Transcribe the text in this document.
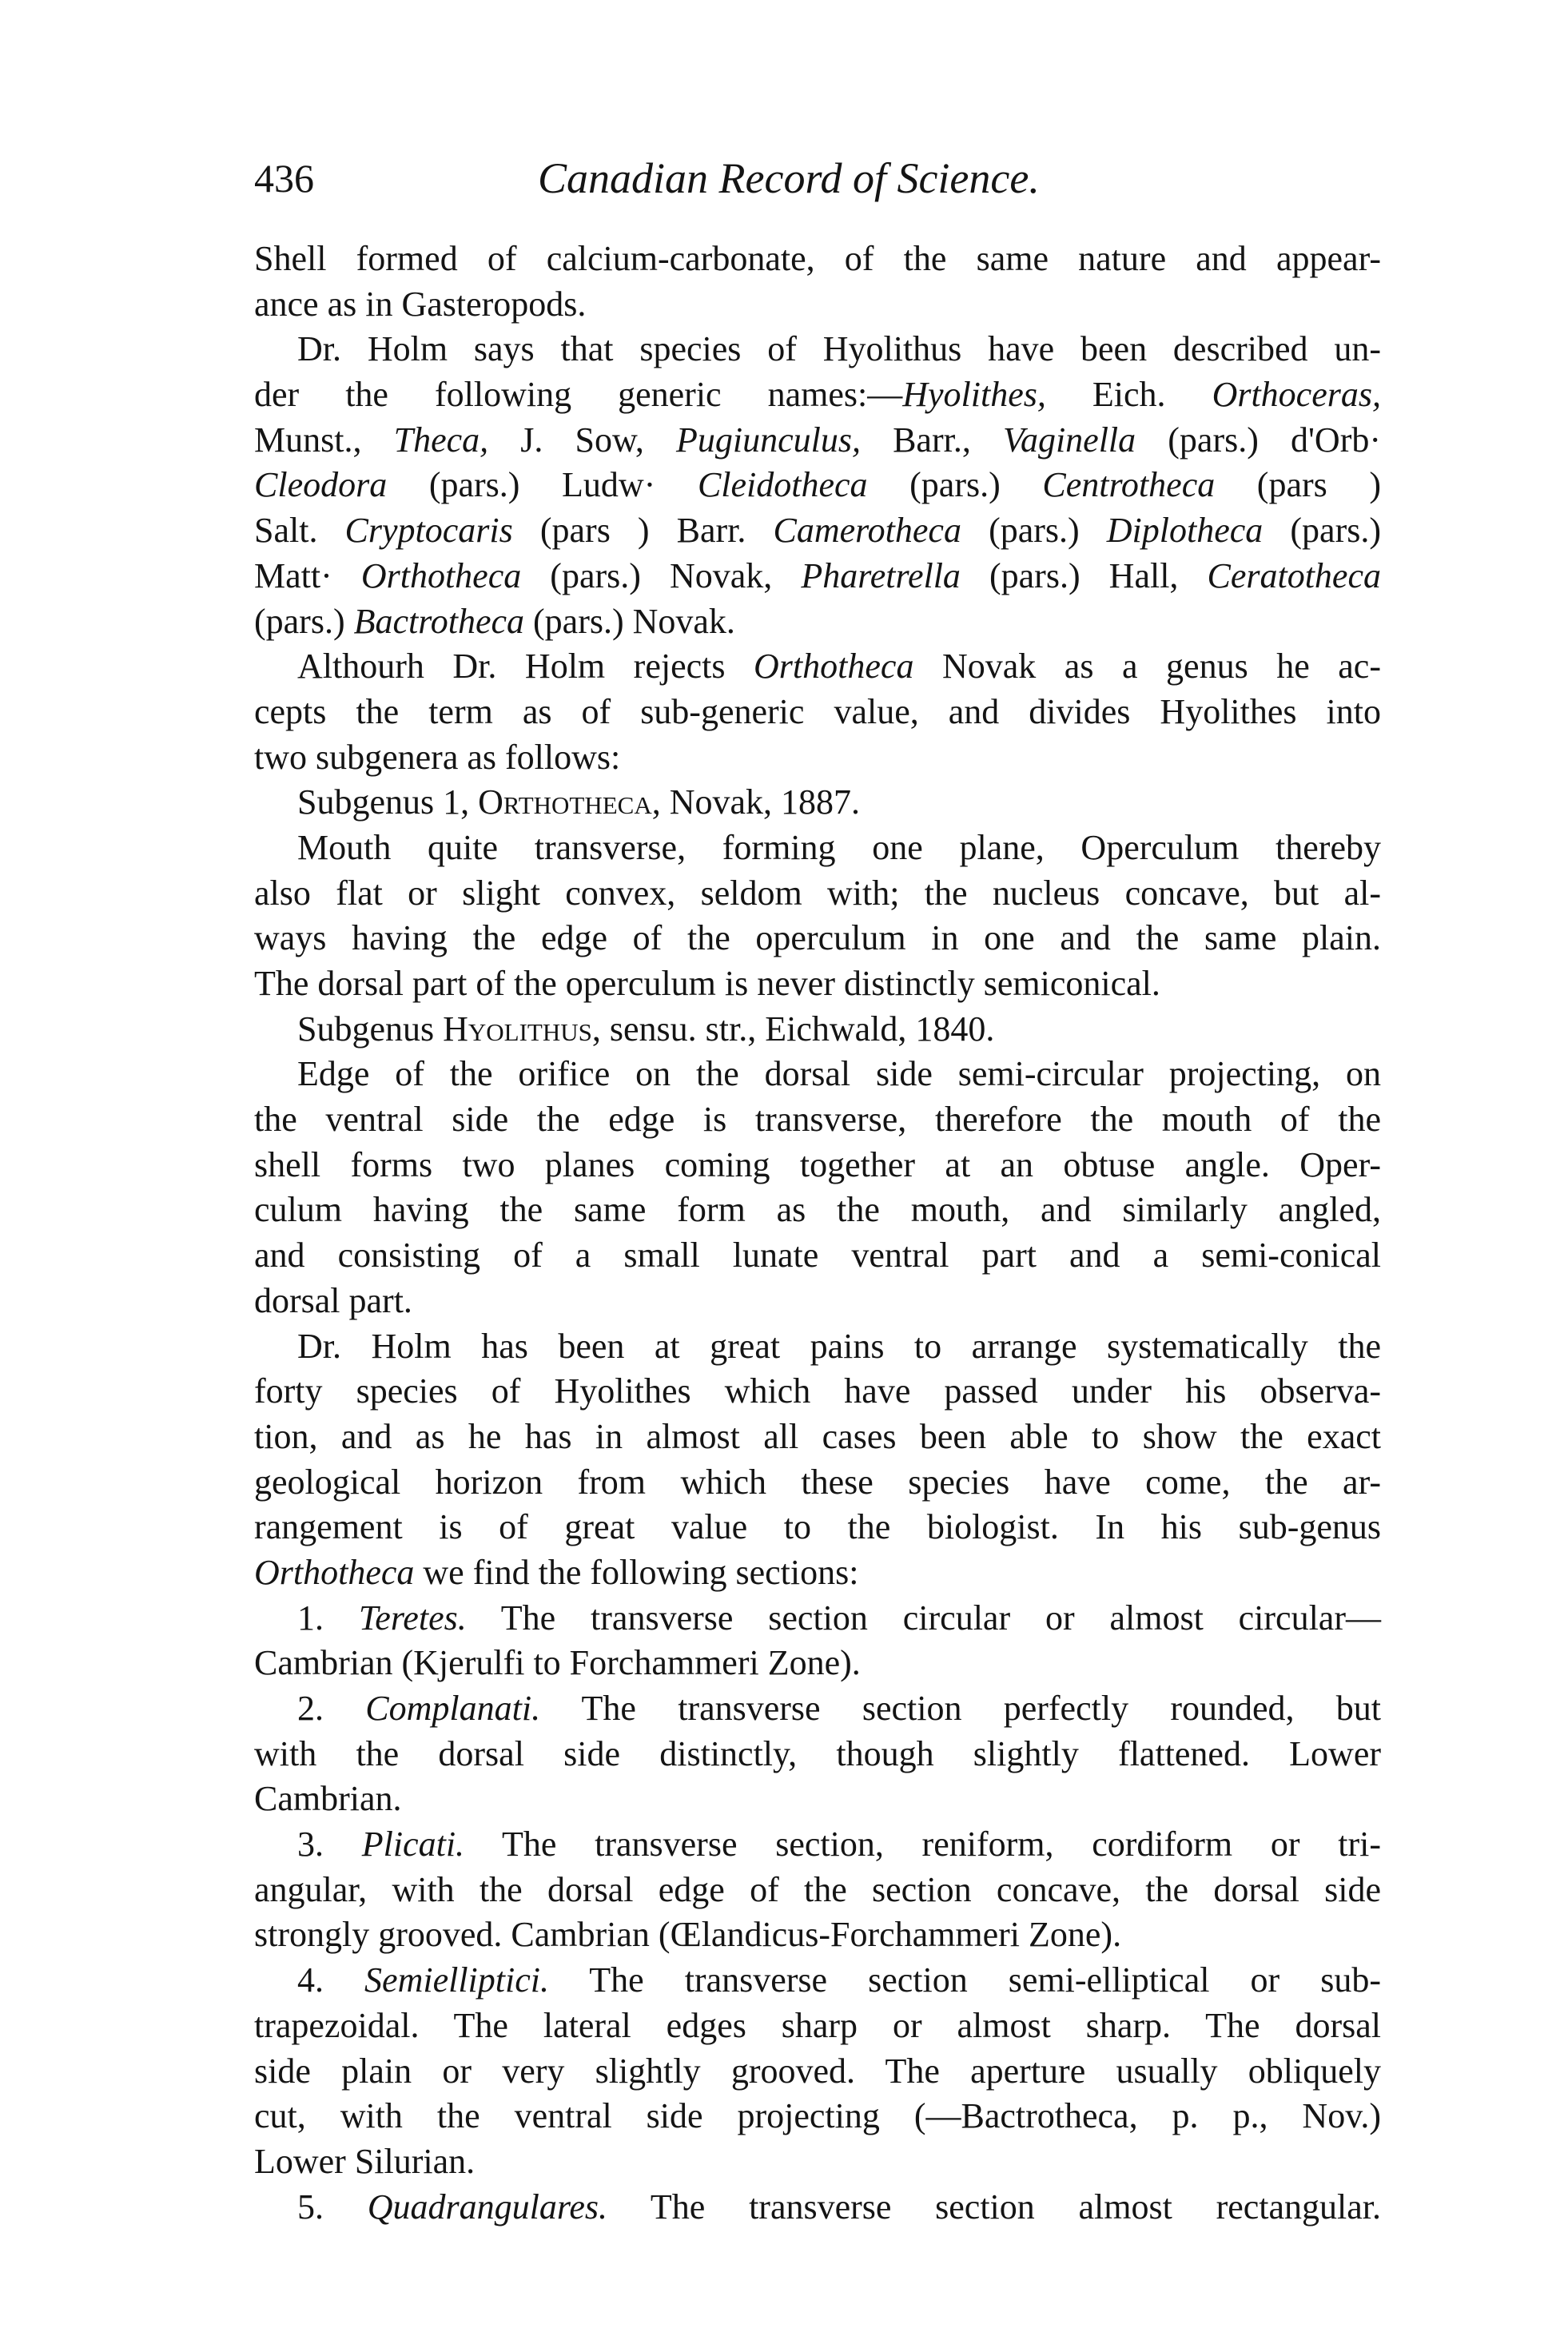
436	Canadian Record of Science.
Shell formed of calcium-carbonate, of the same nature and appear-
ance as in Gasteropods.
Dr. Holm says that species of Hyolithus have been described un-
der the following generic names:—Hyolithes, Eich. Orthoceras,
Munst., Theca, J. Sow, Pugiunculus, Barr., Vaginella (pars.) d'Orb·
Cleodora (pars.) Ludw· Cleidotheca (pars.) Centrotheca (pars )
Salt. Cryptocaris (pars ) Barr. Camerotheca (pars.) Diplotheca (pars.)
Matt· Orthotheca (pars.) Novak, Pharetrella (pars.) Hall, Ceratotheca
(pars.) Bactrotheca (pars.) Novak.
Althourh Dr. Holm rejects Orthotheca Novak as a genus he ac-
cepts the term as of sub-generic value, and divides Hyolithes into
two subgenera as follows:
Subgenus 1, Orthotheca, Novak, 1887.
Mouth quite transverse, forming one plane, Operculum thereby
also flat or slight convex, seldom with; the nucleus concave, but al-
ways having the edge of the operculum in one and the same plain.
The dorsal part of the operculum is never distinctly semiconical.
Subgenus Hyolithus, sensu. str., Eichwald, 1840.
Edge of the orifice on the dorsal side semi-circular projecting, on
the ventral side the edge is transverse, therefore the mouth of the
shell forms two planes coming together at an obtuse angle. Oper-
culum having the same form as the mouth, and similarly angled,
and consisting of a small lunate ventral part and a semi-conical
dorsal part.
Dr. Holm has been at great pains to arrange systematically the
forty species of Hyolithes which have passed under his observa-
tion, and as he has in almost all cases been able to show the exact
geological horizon from which these species have come, the ar-
rangement is of great value to the biologist. In his sub-genus
Orthotheca we find the following sections:
1. Teretes. The transverse section circular or almost circular—
Cambrian (Kjerulfi to Forchammeri Zone).
2. Complanati. The transverse section perfectly rounded, but
with the dorsal side distinctly, though slightly flattened. Lower
Cambrian.
3. Plicati. The transverse section, reniform, cordiform or tri-
angular, with the dorsal edge of the section concave, the dorsal side
strongly grooved. Cambrian (Œlandicus-Forchammeri Zone).
4. Semielliptici. The transverse section semi-elliptical or sub-
trapezoidal. The lateral edges sharp or almost sharp. The dorsal
side plain or very slightly grooved. The aperture usually obliquely
cut, with the ventral side projecting (—Bactrotheca, p. p., Nov.)
Lower Silurian.
5. Quadrangulares. The transverse section almost rectangular.
